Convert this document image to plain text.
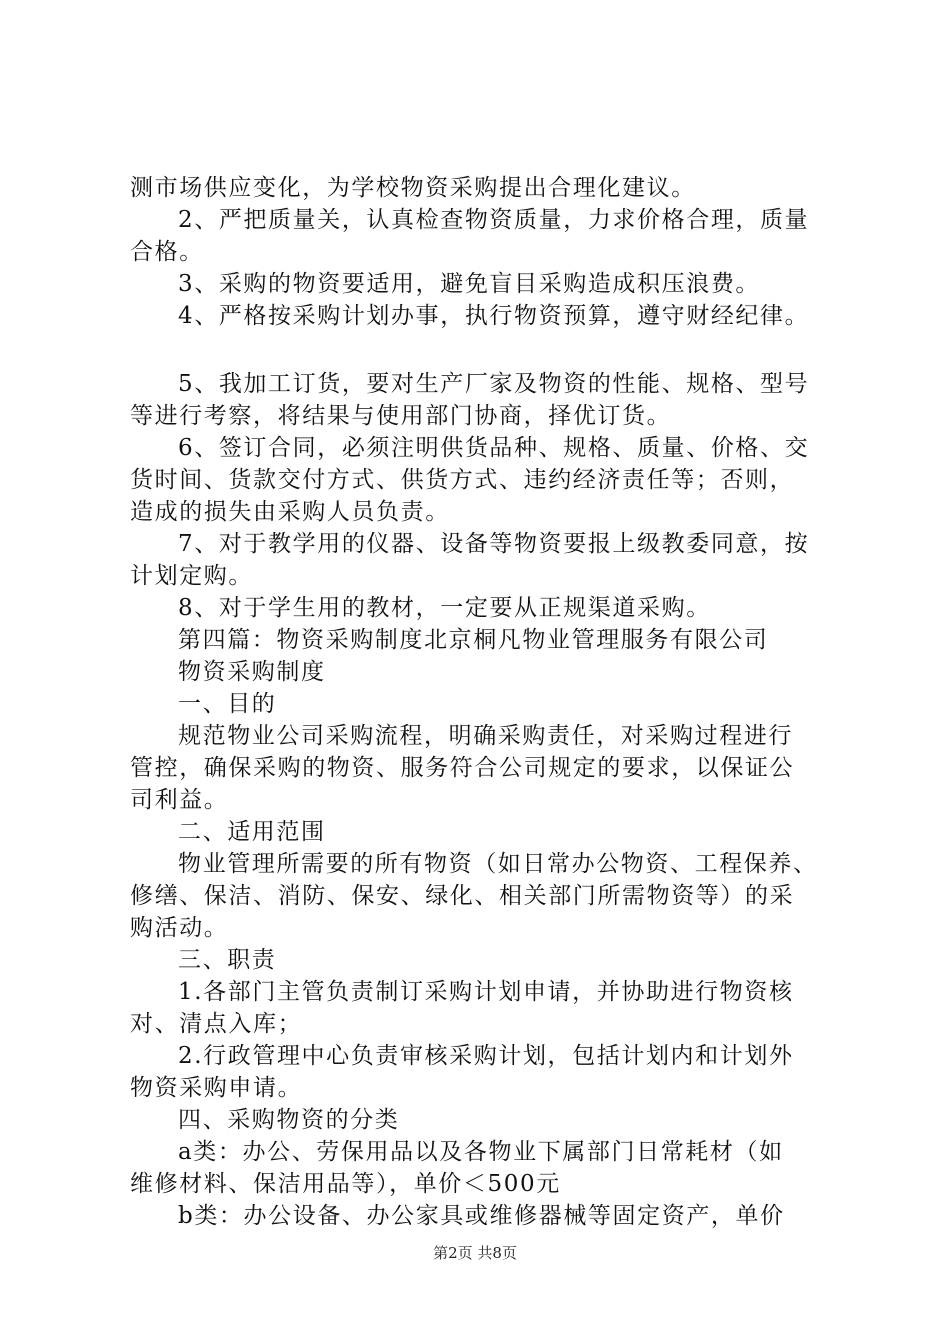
测市场供应变化，为学校物资采购提出合理化建议。
2、严把质量关，认真检查物资质量，力求价格合理，质量
合格。
3、采购的物资要适用，避免盲目采购造成积压浪费。
4、严格按采购计划办事，执行物资预算，遵守财经纪律。
5、我加工订货，要对生产厂家及物资的性能、规格、型号
等进行考察，将结果与使用部门协商，择优订货。
6、签订合同，必须注明供货品种、规格、质量、价格、交
货时间、货款交付方式、供货方式、违约经济责任等；否则，
造成的损失由采购人员负责。
7、对于教学用的仪器、设备等物资要报上级教委同意，按
计划定购。
8、对于学生用的教材，一定要从正规渠道采购。
第四篇：物资采购制度北京桐凡物业管理服务有限公司
物资采购制度
一、目的
规范物业公司采购流程，明确采购责任，对采购过程进行
管控，确保采购的物资、服务符合公司规定的要求，以保证公
司利益。
二、适用范围
物业管理所需要的所有物资（如日常办公物资、工程保养、
修缮、保洁、消防、保安、绿化、相关部门所需物资等）的采
购活动。
三、职责
1.各部门主管负责制订采购计划申请，并协助进行物资核
对、清点入库；
2.行政管理中心负责审核采购计划，包括计划内和计划外
物资采购申请。
四、采购物资的分类
a类：办公、劳保用品以及各物业下属部门日常耗材（如
维修材料、保洁用品等），单价＜500元
b类：办公设备、办公家具或维修器械等固定资产，单价
第2页 共8页
